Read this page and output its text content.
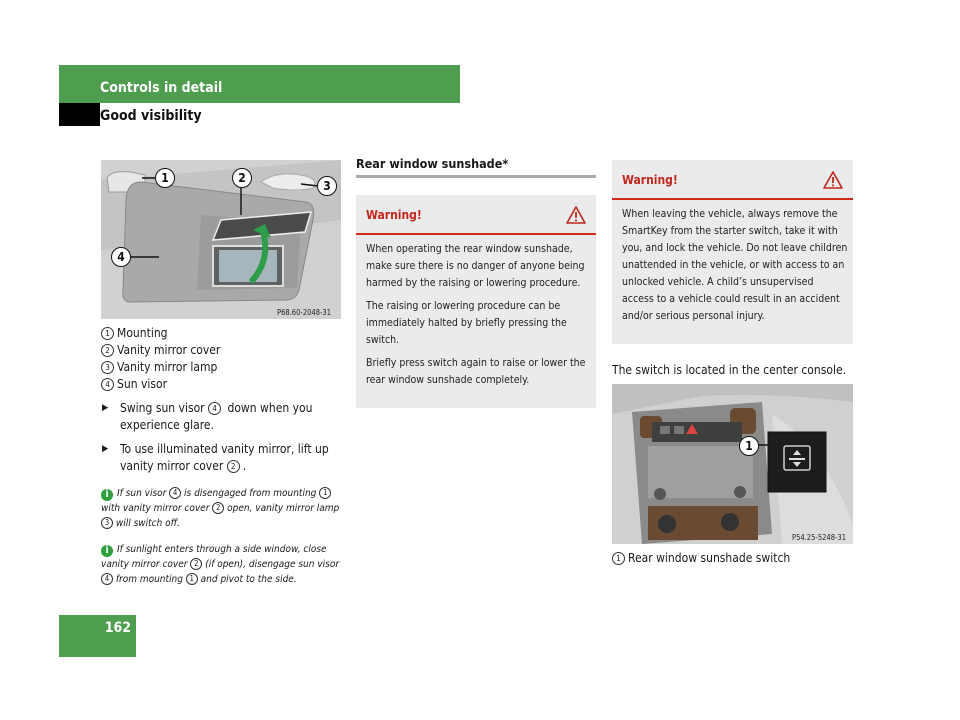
Controls in detail
Good visibility
1	2
3
4
P68.60-2048-31
1 Mounting
2 Vanity mirror cover
3 Vanity mirror lamp
4 Sun visor
▶ Swing sun visor 4 down when you experience glare.
▶ To use illuminated vanity mirror, lift up vanity mirror cover 2 .
i If sun visor 4 is disengaged from mounting 1 with vanity mirror cover 2 open, vanity mirror lamp 3 will switch off.
i If sunlight enters through a side window, close vanity mirror cover 2 (if open), disengage sun visor 4 from mounting 1 and pivot to the side.
162
Rear window sunshade*
Warning!

When operating the rear window sunshade, make sure there is no danger of anyone being harmed by the raising or lowering procedure.

The raising or lowering procedure can be immediately halted by briefly pressing the switch.

Briefly press switch again to raise or lower the rear window sunshade completely.

Warning!

When leaving the vehicle, always remove the SmartKey from the starter switch, take it with you, and lock the vehicle. Do not leave children unattended in the vehicle, or with access to an unlocked vehicle. A child’s unsupervised access to a vehicle could result in an accident and/or serious personal injury.

The switch is located in the center console.
1
P54.25-5248-31
1 Rear window sunshade switch
